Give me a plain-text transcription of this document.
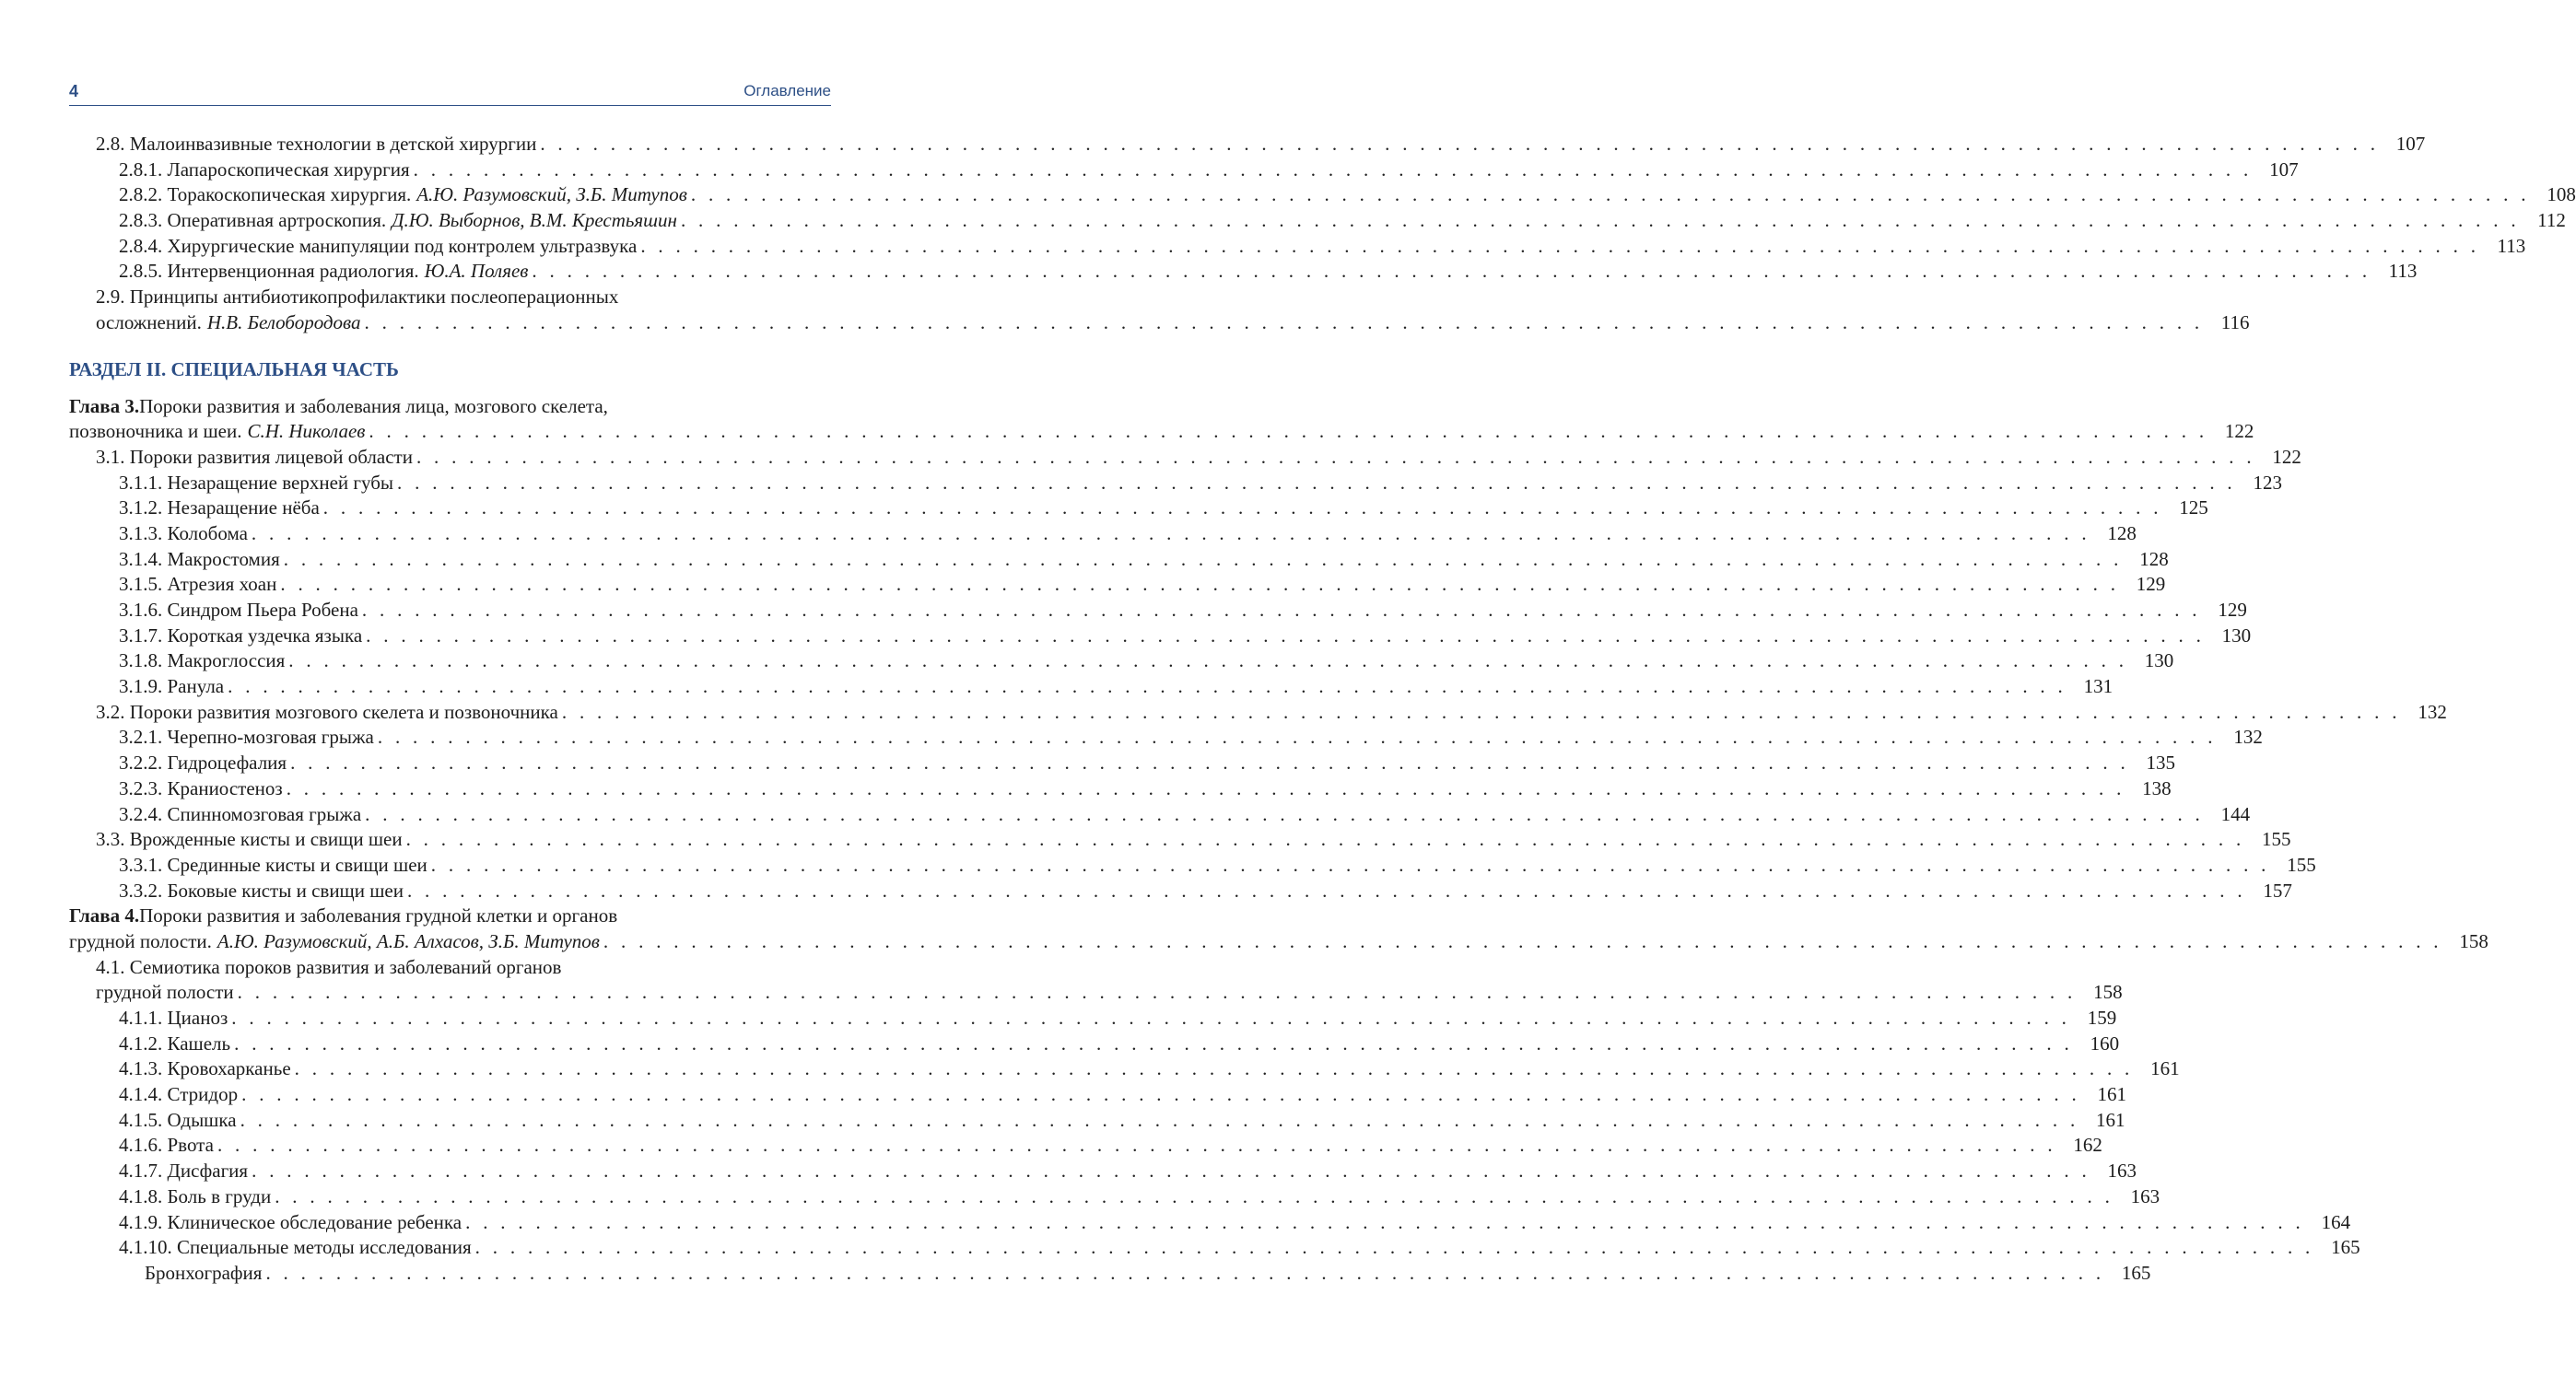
4	Оглавление
2.8.
Малоинвазивные технологии в детской хирургии . . . . . . . . . . . . . . . . . . . . . . . . . . . . . . . . . . . . . . . . . . . . . . . . . . . . . . . . . . . . . . . . . . . . . . . . . . . . . . . . . . . . . . . . . . . . . . . . . . . . . . . . . 107
2.8.1.
Лапароскопическая хирургия . . . . . . . . . . . . . . . . . . . . . . . . . . . . . . . . . . . . . . . . . . . . . . . . . . . . . . . . . . . . . . . . . . . . . . . . . . . . . . . . . . . . . . . . . . . . . . . . . . . . . . . . . 107
2.8.2.
Торакоскопическая хирургия. А.Ю. Разумовский, З.Б. Митупов . . . . . . . . . . . . . . . . . . . . . . . . . . . . . . . . . . . . . . . . . . . . . . . . . . . . . . . . . . . . . . . . . . . . . . . . . . . . . . . . . . . . . . . . . . . . . . . . . . . . . . . . . 108
2.8.3.
Оперативная артроскопия. Д.Ю. Выборнов, В.М. Крестьяшин . . . . . . . . . . . . . . . . . . . . . . . . . . . . . . . . . . . . . . . . . . . . . . . . . . . . . . . . . . . . . . . . . . . . . . . . . . . . . . . . . . . . . . . . . . . . . . . . . . . . . . . . . 112
2.8.4.
Хирургические манипуляции под контролем ультразвука . . . . . . . . . . . . . . . . . . . . . . . . . . . . . . . . . . . . . . . . . . . . . . . . . . . . . . . . . . . . . . . . . . . . . . . . . . . . . . . . . . . . . . . . . . . . . . . . . . . . . . . . . 113
2.8.5.
Интервенционная радиология. Ю.А. Поляев . . . . . . . . . . . . . . . . . . . . . . . . . . . . . . . . . . . . . . . . . . . . . . . . . . . . . . . . . . . . . . . . . . . . . . . . . . . . . . . . . . . . . . . . . . . . . . . . . . . . . . . . . 113
2.9. Принципы антибиотикопрофилактики послеоперационных
осложнений. Н.В. Белобородова . . . . . . . . . . . . . . . . . . . . . . . . . . . . . . . . . . . . . . . . . . . . . . . . . . . . . . . . . . . . . . . . . . . . . . . . . . . . . . . . . . . . . . . . . . . . . . . . . . . . . . . . . 116
РАЗДЕЛ II. СПЕЦИАЛЬНАЯ ЧАСТЬ
Глава 3.Пороки развития и заболевания лица, мозгового скелета,
позвоночника и шеи. С.Н. Николаев . . . . . . . . . . . . . . . . . . . . . . . . . . . . . . . . . . . . . . . . . . . . . . . . . . . . . . . . . . . . . . . . . . . . . . . . . . . . . . . . . . . . . . . . . . . . . . . . . . . . . . . . . 122
3.1.
Пороки развития лицевой области . . . . . . . . . . . . . . . . . . . . . . . . . . . . . . . . . . . . . . . . . . . . . . . . . . . . . . . . . . . . . . . . . . . . . . . . . . . . . . . . . . . . . . . . . . . . . . . . . . . . . . . . . 122
3.1.1.
Незаращение верхней губы . . . . . . . . . . . . . . . . . . . . . . . . . . . . . . . . . . . . . . . . . . . . . . . . . . . . . . . . . . . . . . . . . . . . . . . . . . . . . . . . . . . . . . . . . . . . . . . . . . . . . . . . . 123
3.1.2.
Незаращение нёба . . . . . . . . . . . . . . . . . . . . . . . . . . . . . . . . . . . . . . . . . . . . . . . . . . . . . . . . . . . . . . . . . . . . . . . . . . . . . . . . . . . . . . . . . . . . . . . . . . . . . . . . . 125
3.1.3.
Колобома . . . . . . . . . . . . . . . . . . . . . . . . . . . . . . . . . . . . . . . . . . . . . . . . . . . . . . . . . . . . . . . . . . . . . . . . . . . . . . . . . . . . . . . . . . . . . . . . . . . . . . . . . 128
3.1.4.
Макростомия . . . . . . . . . . . . . . . . . . . . . . . . . . . . . . . . . . . . . . . . . . . . . . . . . . . . . . . . . . . . . . . . . . . . . . . . . . . . . . . . . . . . . . . . . . . . . . . . . . . . . . . . . 128
3.1.5.
Атрезия хоан . . . . . . . . . . . . . . . . . . . . . . . . . . . . . . . . . . . . . . . . . . . . . . . . . . . . . . . . . . . . . . . . . . . . . . . . . . . . . . . . . . . . . . . . . . . . . . . . . . . . . . . . . 129
3.1.6.
Синдром Пьера Робена . . . . . . . . . . . . . . . . . . . . . . . . . . . . . . . . . . . . . . . . . . . . . . . . . . . . . . . . . . . . . . . . . . . . . . . . . . . . . . . . . . . . . . . . . . . . . . . . . . . . . . . . . 129
3.1.7.
Короткая уздечка языка . . . . . . . . . . . . . . . . . . . . . . . . . . . . . . . . . . . . . . . . . . . . . . . . . . . . . . . . . . . . . . . . . . . . . . . . . . . . . . . . . . . . . . . . . . . . . . . . . . . . . . . . . 130
3.1.8.
Макроглоссия . . . . . . . . . . . . . . . . . . . . . . . . . . . . . . . . . . . . . . . . . . . . . . . . . . . . . . . . . . . . . . . . . . . . . . . . . . . . . . . . . . . . . . . . . . . . . . . . . . . . . . . . . 130
3.1.9.
Ранула . . . . . . . . . . . . . . . . . . . . . . . . . . . . . . . . . . . . . . . . . . . . . . . . . . . . . . . . . . . . . . . . . . . . . . . . . . . . . . . . . . . . . . . . . . . . . . . . . . . . . . . . . 131
3.2.
Пороки развития мозгового скелета и позвоночника . . . . . . . . . . . . . . . . . . . . . . . . . . . . . . . . . . . . . . . . . . . . . . . . . . . . . . . . . . . . . . . . . . . . . . . . . . . . . . . . . . . . . . . . . . . . . . . . . . . . . . . . . 132
3.2.1.
Черепно-мозговая грыжа . . . . . . . . . . . . . . . . . . . . . . . . . . . . . . . . . . . . . . . . . . . . . . . . . . . . . . . . . . . . . . . . . . . . . . . . . . . . . . . . . . . . . . . . . . . . . . . . . . . . . . . . . 132
3.2.2.
Гидроцефалия . . . . . . . . . . . . . . . . . . . . . . . . . . . . . . . . . . . . . . . . . . . . . . . . . . . . . . . . . . . . . . . . . . . . . . . . . . . . . . . . . . . . . . . . . . . . . . . . . . . . . . . . . 135
3.2.3.
Краниостеноз . . . . . . . . . . . . . . . . . . . . . . . . . . . . . . . . . . . . . . . . . . . . . . . . . . . . . . . . . . . . . . . . . . . . . . . . . . . . . . . . . . . . . . . . . . . . . . . . . . . . . . . . . 138
3.2.4.
Спинномозговая грыжа . . . . . . . . . . . . . . . . . . . . . . . . . . . . . . . . . . . . . . . . . . . . . . . . . . . . . . . . . . . . . . . . . . . . . . . . . . . . . . . . . . . . . . . . . . . . . . . . . . . . . . . . . 144
3.3.
Врожденные кисты и свищи шеи . . . . . . . . . . . . . . . . . . . . . . . . . . . . . . . . . . . . . . . . . . . . . . . . . . . . . . . . . . . . . . . . . . . . . . . . . . . . . . . . . . . . . . . . . . . . . . . . . . . . . . . . . 155
3.3.1.
Срединные кисты и свищи шеи . . . . . . . . . . . . . . . . . . . . . . . . . . . . . . . . . . . . . . . . . . . . . . . . . . . . . . . . . . . . . . . . . . . . . . . . . . . . . . . . . . . . . . . . . . . . . . . . . . . . . . . . . 155
3.3.2.
Боковые кисты и свищи шеи . . . . . . . . . . . . . . . . . . . . . . . . . . . . . . . . . . . . . . . . . . . . . . . . . . . . . . . . . . . . . . . . . . . . . . . . . . . . . . . . . . . . . . . . . . . . . . . . . . . . . . . . . 157
Глава 4.Пороки развития и заболевания грудной клетки и органов
грудной полости. А.Ю. Разумовский, А.Б. Алхасов, З.Б. Митупов . . . . . . . . . . . . . . . . . . . . . . . . . . . . . . . . . . . . . . . . . . . . . . . . . . . . . . . . . . . . . . . . . . . . . . . . . . . . . . . . . . . . . . . . . . . . . . . . . . . . . . . . . 158
4.1. Семиотика пороков развития и заболеваний органов
грудной полости . . . . . . . . . . . . . . . . . . . . . . . . . . . . . . . . . . . . . . . . . . . . . . . . . . . . . . . . . . . . . . . . . . . . . . . . . . . . . . . . . . . . . . . . . . . . . . . . . . . . . . . . . 158
4.1.1.
Цианоз . . . . . . . . . . . . . . . . . . . . . . . . . . . . . . . . . . . . . . . . . . . . . . . . . . . . . . . . . . . . . . . . . . . . . . . . . . . . . . . . . . . . . . . . . . . . . . . . . . . . . . . . . 159
4.1.2.
Кашель . . . . . . . . . . . . . . . . . . . . . . . . . . . . . . . . . . . . . . . . . . . . . . . . . . . . . . . . . . . . . . . . . . . . . . . . . . . . . . . . . . . . . . . . . . . . . . . . . . . . . . . . . 160
4.1.3.
Кровохарканье . . . . . . . . . . . . . . . . . . . . . . . . . . . . . . . . . . . . . . . . . . . . . . . . . . . . . . . . . . . . . . . . . . . . . . . . . . . . . . . . . . . . . . . . . . . . . . . . . . . . . . . . . 161
4.1.4.
Стридор . . . . . . . . . . . . . . . . . . . . . . . . . . . . . . . . . . . . . . . . . . . . . . . . . . . . . . . . . . . . . . . . . . . . . . . . . . . . . . . . . . . . . . . . . . . . . . . . . . . . . . . . . 161
4.1.5.
Одышка . . . . . . . . . . . . . . . . . . . . . . . . . . . . . . . . . . . . . . . . . . . . . . . . . . . . . . . . . . . . . . . . . . . . . . . . . . . . . . . . . . . . . . . . . . . . . . . . . . . . . . . . . 161
4.1.6.
Рвота . . . . . . . . . . . . . . . . . . . . . . . . . . . . . . . . . . . . . . . . . . . . . . . . . . . . . . . . . . . . . . . . . . . . . . . . . . . . . . . . . . . . . . . . . . . . . . . . . . . . . . . . . 162
4.1.7.
Дисфагия . . . . . . . . . . . . . . . . . . . . . . . . . . . . . . . . . . . . . . . . . . . . . . . . . . . . . . . . . . . . . . . . . . . . . . . . . . . . . . . . . . . . . . . . . . . . . . . . . . . . . . . . . 163
4.1.8.
Боль в груди . . . . . . . . . . . . . . . . . . . . . . . . . . . . . . . . . . . . . . . . . . . . . . . . . . . . . . . . . . . . . . . . . . . . . . . . . . . . . . . . . . . . . . . . . . . . . . . . . . . . . . . . . 163
4.1.9.
Клиническое обследование ребенка . . . . . . . . . . . . . . . . . . . . . . . . . . . . . . . . . . . . . . . . . . . . . . . . . . . . . . . . . . . . . . . . . . . . . . . . . . . . . . . . . . . . . . . . . . . . . . . . . . . . . . . . . 164
4.1.10.
Специальные методы исследования . . . . . . . . . . . . . . . . . . . . . . . . . . . . . . . . . . . . . . . . . . . . . . . . . . . . . . . . . . . . . . . . . . . . . . . . . . . . . . . . . . . . . . . . . . . . . . . . . . . . . . . . . 165
Бронхография . . . . . . . . . . . . . . . . . . . . . . . . . . . . . . . . . . . . . . . . . . . . . . . . . . . . . . . . . . . . . . . . . . . . . . . . . . . . . . . . . . . . . . . . . . . . . . . . . . . . . . . . . 165
